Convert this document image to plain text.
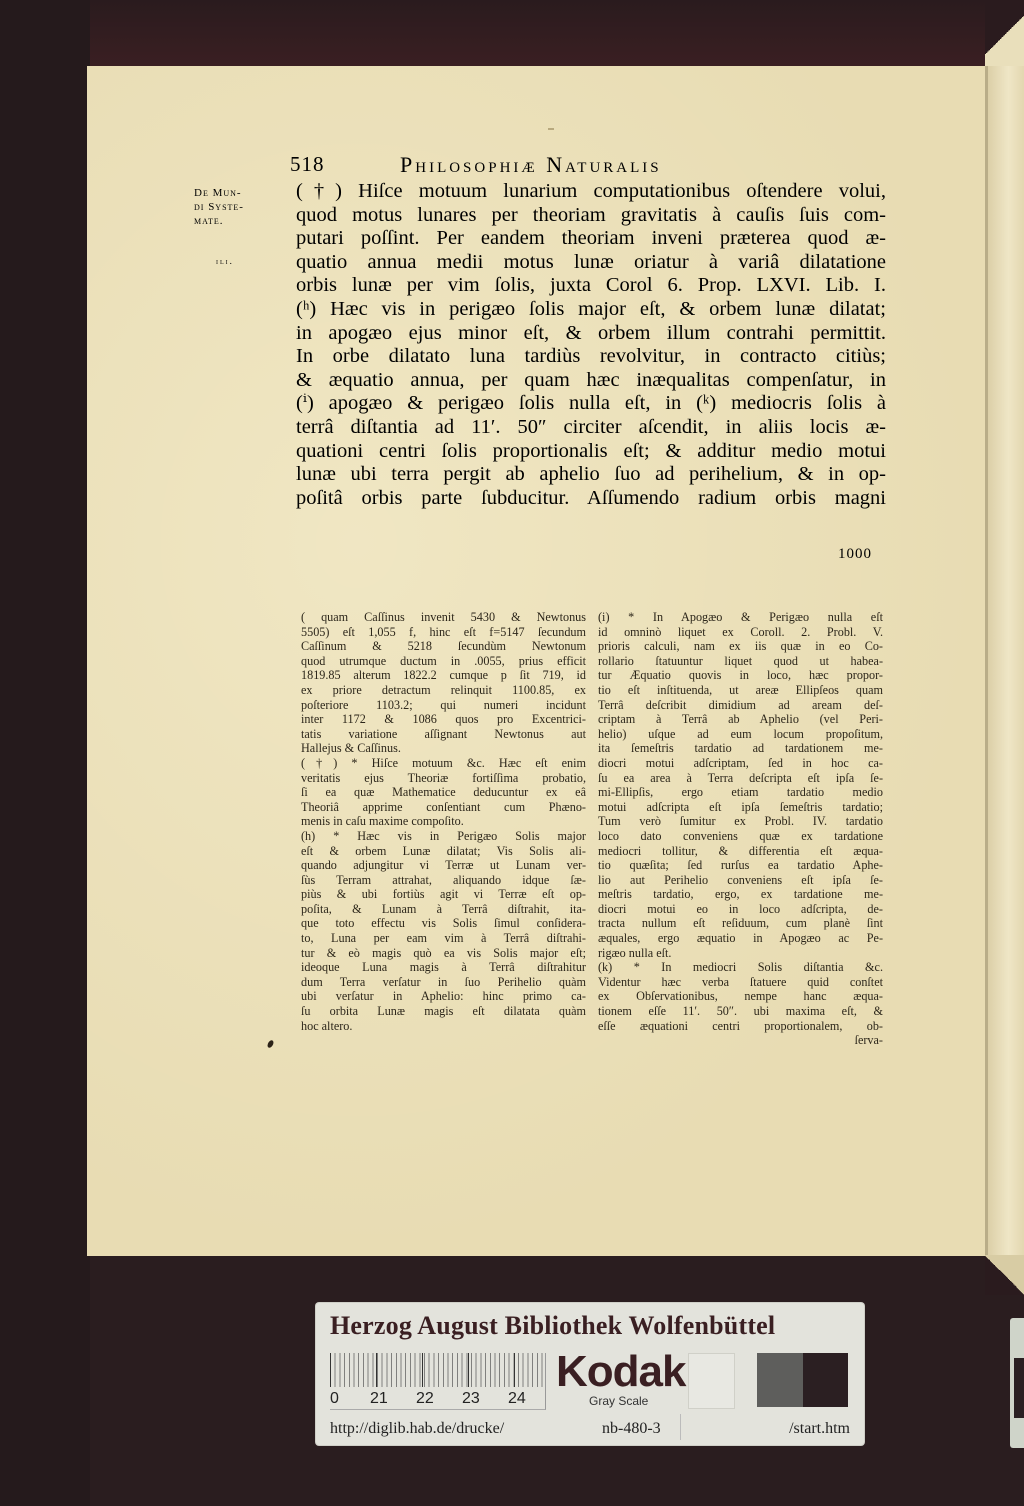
518	Philosophiæ Naturalis
De Mun-
di Syste-
mate.
ili.
(†) Hiſce motuum lunarium computationibus oſtendere volui,
quod motus lunares per theoriam gravitatis à cauſis ſuis com-
putari poſſint. Per eandem theoriam inveni præterea quod æ-
quatio annua medii motus lunæ oriatur à variâ dilatatione
orbis lunæ per vim ſolis, juxta Corol 6. Prop. LXVI. Lib. I.
(ʰ) Hæc vis in perigæo ſolis major eſt, & orbem lunæ dilatat;
in apogæo ejus minor eſt, & orbem illum contrahi permittit.
In orbe dilatato luna tardiùs revolvitur, in contracto citiùs;
& æquatio annua, per quam hæc inæqualitas compenſatur, in
(ⁱ) apogæo & perigæo ſolis nulla eſt, in (ᵏ) mediocris ſolis à
terrâ diſtantia ad 11′. 50″ circiter aſcendit, in aliis locis æ-
quationi centri ſolis proportionalis eſt; & additur medio motui
lunæ ubi terra pergit ab aphelio ſuo ad perihelium, & in op-
poſitâ orbis parte ſubducitur. Aſſumendo radium orbis magni
1000
( quam Caſſinus invenit 5430 & Newtonus
5505) eſt 1,055 f, hinc eſt f=5147 ſecundum
Caſſinum & 5218 ſecundùm Newtonum
quod utrumque ductum in .0055, prius efficit
1819.85 alterum 1822.2 cumque p ſit 719, id
ex priore detractum relinquit 1100.85, ex
poſteriore 1103.2; qui numeri incidunt
inter 1172 & 1086 quos pro Excentrici-
tatis variatione aſſignant Newtonus aut
Hallejus & Caſſinus.
(†) * Hiſce motuum &c. Hæc eſt enim
veritatis ejus Theoriæ fortiſſima probatio,
ſi ea quæ Mathematice deducuntur ex eâ
Theoriâ apprime conſentiant cum Phæno-
menis in caſu maxime compoſito.
(h) * Hæc vis in Perigæo Solis major
eſt & orbem Lunæ dilatat; Vis Solis ali-
quando adjungitur vi Terræ ut Lunam ver-
ſùs Terram attrahat, aliquando idque ſæ-
piùs & ubi fortiùs agit vi Terræ eſt op-
poſita, & Lunam à Terrâ diſtrahit, ita-
que toto effectu vis Solis ſimul conſidera-
to, Luna per eam vim à Terrâ diſtrahi-
tur & eò magis quò ea vis Solis major eſt;
ideoque Luna magis à Terrâ diſtrahitur
dum Terra verſatur in ſuo Perihelio quàm
ubi verſatur in Aphelio: hinc primo ca-
ſu orbita Lunæ magis eſt dilatata quàm
hoc altero.
(i) * In Apogæo & Perigæo nulla eſt
id omninò liquet ex Coroll. 2. Probl. V.
prioris calculi, nam ex iis quæ in eo Co-
rollario ſtatuuntur liquet quod ut habea-
tur Æquatio quovis in loco, hæc propor-
tio eſt inſtituenda, ut areæ Ellipſeos quam
Terrâ deſcribit dimidium ad aream deſ-
criptam à Terrâ ab Aphelio (vel Peri-
helio) uſque ad eum locum propoſitum,
ita ſemeſtris tardatio ad tardationem me-
diocri motui adſcriptam, ſed in hoc ca-
ſu ea area à Terra deſcripta eſt ipſa ſe-
mi-Ellipſis, ergo etiam tardatio medio
motui adſcripta eſt ipſa ſemeſtris tardatio;
Tum verò ſumitur ex Probl. IV. tardatio
loco dato conveniens quæ ex tardatione
mediocri tollitur, & differentia eſt æqua-
tio quæſita; ſed rurſus ea tardatio Aphe-
lio aut Perihelio conveniens eſt ipſa ſe-
meſtris tardatio, ergo, ex tardatione me-
diocri motui eo in loco adſcripta, de-
tracta nullum eſt reſiduum, cum planè ſint
æquales, ergo æquatio in Apogæo ac Pe-
rigæo nulla eſt.
(k) * In mediocri Solis diſtantia &c.
Videntur hæc verba ſtatuere quid conſtet
ex Obſervationibus, nempe hanc æqua-
tionem eſſe 11′. 50″. ubi maxima eſt, &
eſſe æquationi centri proportionalem, ob-
ſerva-
Herzog August Bibliothek Wolfenbüttel
0 21 22 23 24
Kodak
Gray Scale
http://diglib.hab.de/drucke/	nb-480-3	/start.htm
